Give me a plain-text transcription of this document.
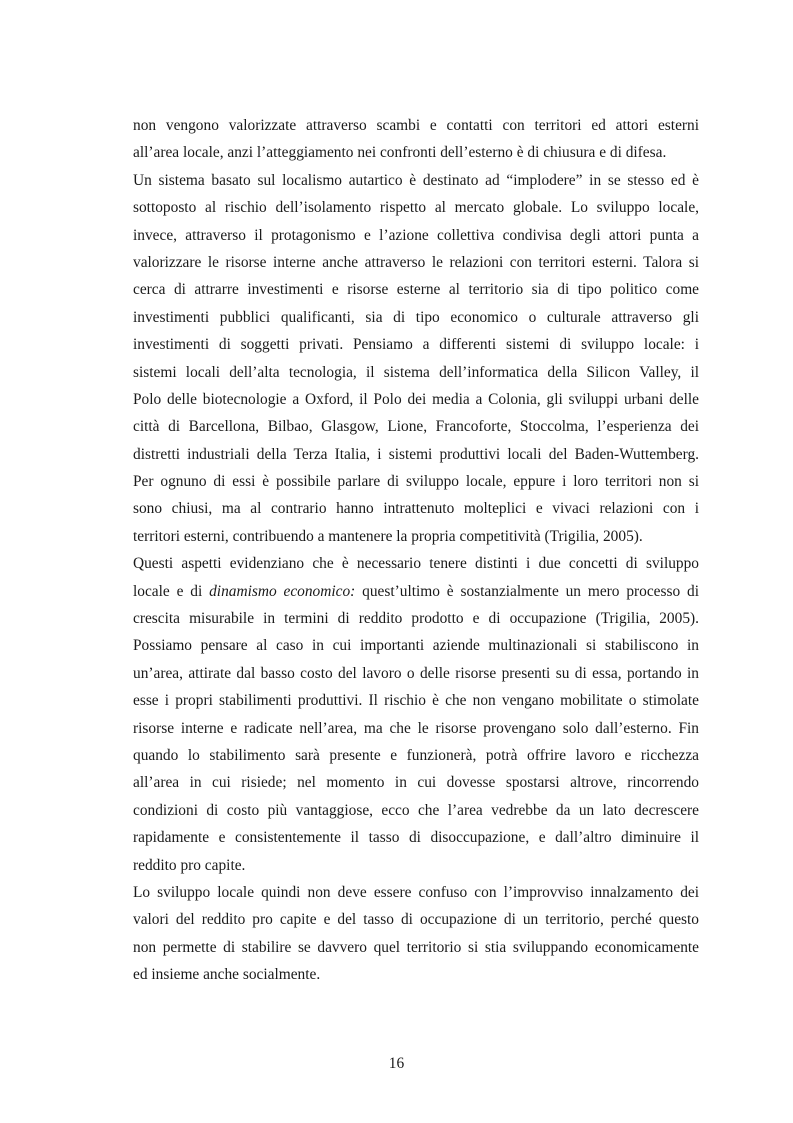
non vengono valorizzate attraverso scambi e contatti con territori ed attori esterni
all’area locale, anzi l’atteggiamento nei confronti dell’esterno è di chiusura e di difesa.
Un sistema basato sul localismo autartico è destinato ad “implodere” in se stesso ed è
sottoposto al rischio dell’isolamento rispetto al mercato globale. Lo sviluppo locale,
invece, attraverso il protagonismo e l’azione collettiva condivisa degli attori punta a
valorizzare le risorse interne anche attraverso le relazioni con territori esterni. Talora si
cerca di attrarre investimenti e risorse esterne al territorio sia di tipo politico come
investimenti pubblici qualificanti, sia di tipo economico o culturale attraverso gli
investimenti di soggetti privati. Pensiamo a differenti sistemi di sviluppo locale: i
sistemi locali dell’alta tecnologia, il sistema dell’informatica della Silicon Valley, il
Polo delle biotecnologie a Oxford, il Polo dei media a Colonia, gli sviluppi urbani delle
città di Barcellona, Bilbao, Glasgow, Lione, Francoforte, Stoccolma, l’esperienza dei
distretti industriali della Terza Italia, i sistemi produttivi locali del Baden-Wuttemberg.
Per ognuno di essi è possibile parlare di sviluppo locale, eppure i loro territori non si
sono chiusi, ma al contrario hanno intrattenuto molteplici e vivaci relazioni con i
territori esterni, contribuendo a mantenere la propria competitività (Trigilia, 2005).
Questi aspetti evidenziano che è necessario tenere distinti i due concetti di sviluppo
locale e di dinamismo economico: quest’ultimo è sostanzialmente un mero processo di
crescita misurabile in termini di reddito prodotto e di occupazione (Trigilia, 2005).
Possiamo pensare al caso in cui importanti aziende multinazionali si stabiliscono in
un’area, attirate dal basso costo del lavoro o delle risorse presenti su di essa, portando in
esse i propri stabilimenti produttivi. Il rischio è che non vengano mobilitate o stimolate
risorse interne e radicate nell’area, ma che le risorse provengano solo dall’esterno. Fin
quando lo stabilimento sarà presente e funzionerà, potrà offrire lavoro e ricchezza
all’area in cui risiede; nel momento in cui dovesse spostarsi altrove, rincorrendo
condizioni di costo più vantaggiose, ecco che l’area vedrebbe da un lato decrescere
rapidamente e consistentemente il tasso di disoccupazione, e dall’altro diminuire il
reddito pro capite.
Lo sviluppo locale quindi non deve essere confuso con l’improvviso innalzamento dei
valori del reddito pro capite e del tasso di occupazione di un territorio, perché questo
non permette di stabilire se davvero quel territorio si stia sviluppando economicamente
ed insieme anche socialmente.
16
